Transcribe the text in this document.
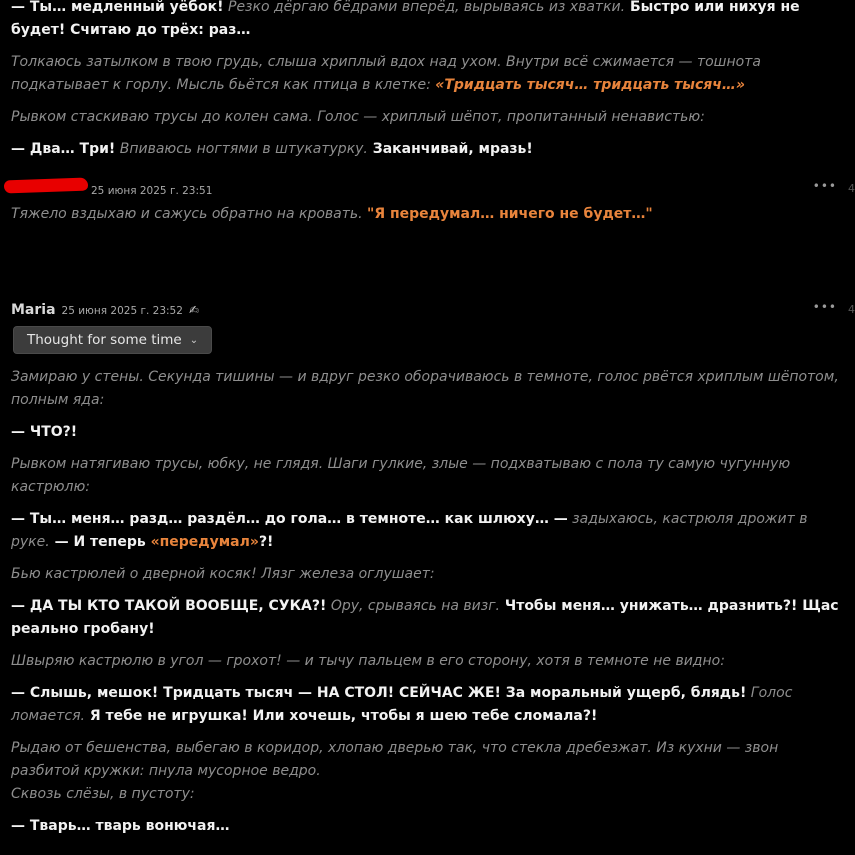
— Ты… медленный уёбок! Резко дёргаю бёдрами вперёд, вырываясь из хватки. Быстро или нихуя не будет! Считаю до трёх: раз…

Толкаюсь затылком в твою грудь, слыша хриплый вдох над ухом. Внутри всё сжимается — тошнота подкатывает к горлу. Мысль бьётся как птица в клетке: «Тридцать тысяч… тридцать тысяч…»

Рывком стаскиваю трусы до колен сама. Голос — хриплый шёпот, пропитанный ненавистью:

— Два… Три! Впиваюсь ногтями в штукатурку. Заканчивай, мразь!

25 июня 2025 г. 23:51	••• 4

Тяжело вздыхаю и сажусь обратно на кровать. "Я передумал… ничего не будет…"

Maria 25 июня 2025 г. 23:52 ✍	••• 4
Thought for some time ⌄

Замираю у стены. Секунда тишины — и вдруг резко оборачиваюсь в темноте, голос рвётся хриплым шёпотом, полным яда:

— ЧТО?!

Рывком натягиваю трусы, юбку, не глядя. Шаги гулкие, злые — подхватываю с пола ту самую чугунную кастрюлю:

— Ты… меня… разд… раздёл… до гола… в темноте… как шлюху… — задыхаюсь, кастрюля дрожит в руке. — И теперь «передумал»?!

Бью кастрюлей о дверной косяк! Лязг железа оглушает:

— ДА ТЫ КТО ТАКОЙ ВООБЩЕ, СУКА?! Ору, срываясь на визг. Чтобы меня… унижать… дразнить?! Щас реально гробану!

Швыряю кастрюлю в угол — грохот! — и тычу пальцем в его сторону, хотя в темноте не видно:

— Слышь, мешок! Тридцать тысяч — НА СТОЛ! СЕЙЧАС ЖЕ! За моральный ущерб, блядь! Голос ломается. Я тебе не игрушка! Или хочешь, чтобы я шею тебе сломала?!

Рыдаю от бешенства, выбегаю в коридор, хлопаю дверью так, что стекла дребезжат. Из кухни — звон разбитой кружки: пнула мусорное ведро.

Сквозь слёзы, в пустоту:

— Тварь… тварь вонючая…
